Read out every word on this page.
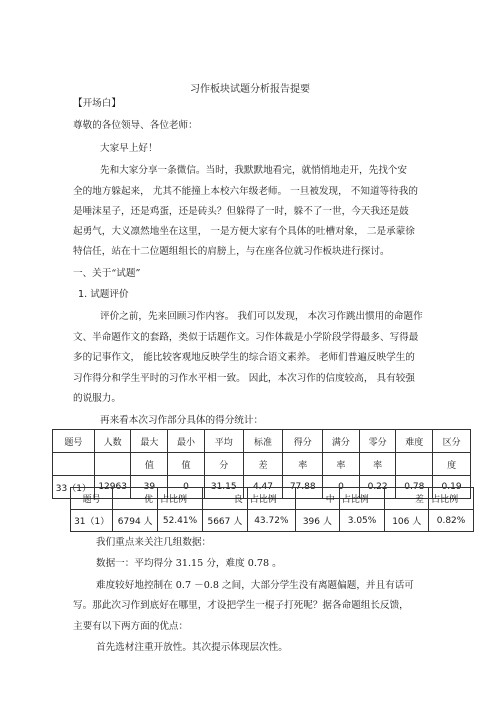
习作板块试题分析报告提要
【开场白】
尊敬的各位领导、各位老师：
大家早上好！
先和大家分享一条微信。当时，我默默地看完，就悄悄地走开，先找个安
全的地方躲起来， 尤其不能撞上本校六年级老师。 一旦被发现， 不知道等待我的
是唾沫星子，还是鸡蛋，还是砖头？但躲得了一时，躲不了一世，今天我还是鼓
起勇气，大义凛然地坐在这里， 一是方便大家有个具体的吐槽对象， 二是承蒙徐
特信任，站在十二位题组组长的肩膀上，与在座各位就习作板块进行探讨。
一、关于“试题”
1. 试题评价
评价之前，先来回顾习作内容。 我们可以发现， 本次习作跳出惯用的命题作
文、半命题作文的套路，类似于话题作文。习作体裁是小学阶段学得最多、写得最
多的记事作文， 能比较客观地反映学生的综合语文素养。 老师们普遍反映学生的
习作得分和学生平时的习作水平相一致。 因此，本次习作的信度较高， 具有较强
的说服力。
再来看本次习作部分具体的得分统计：
题号	人数	最大	最小	平均	标准	得分	满分	零分	难度	区分
		值	值	分	差	率	率	率		度
33（1）	12963	39	0	31.15	4.47	77.88	0	0.22	0.78	0.19
题号	优	占比例	良	占比例	中	占比例	差	占比例
31（1）	6794 人	52.41%	5667 人	43.72%	396 人	3.05%	106 人	0.82%
我们重点来关注几组数据：
数据一：平均得分 31.15 分，难度 0.78 。
难度较好地控制在 0.7 －0.8 之间，大部分学生没有离题偏题，并且有话可
写。那此次习作到底好在哪里，才设把学生一棍子打死呢？据各命题组长反馈，
主要有以下两方面的优点：
首先选材注重开放性。其次提示体现层次性。
